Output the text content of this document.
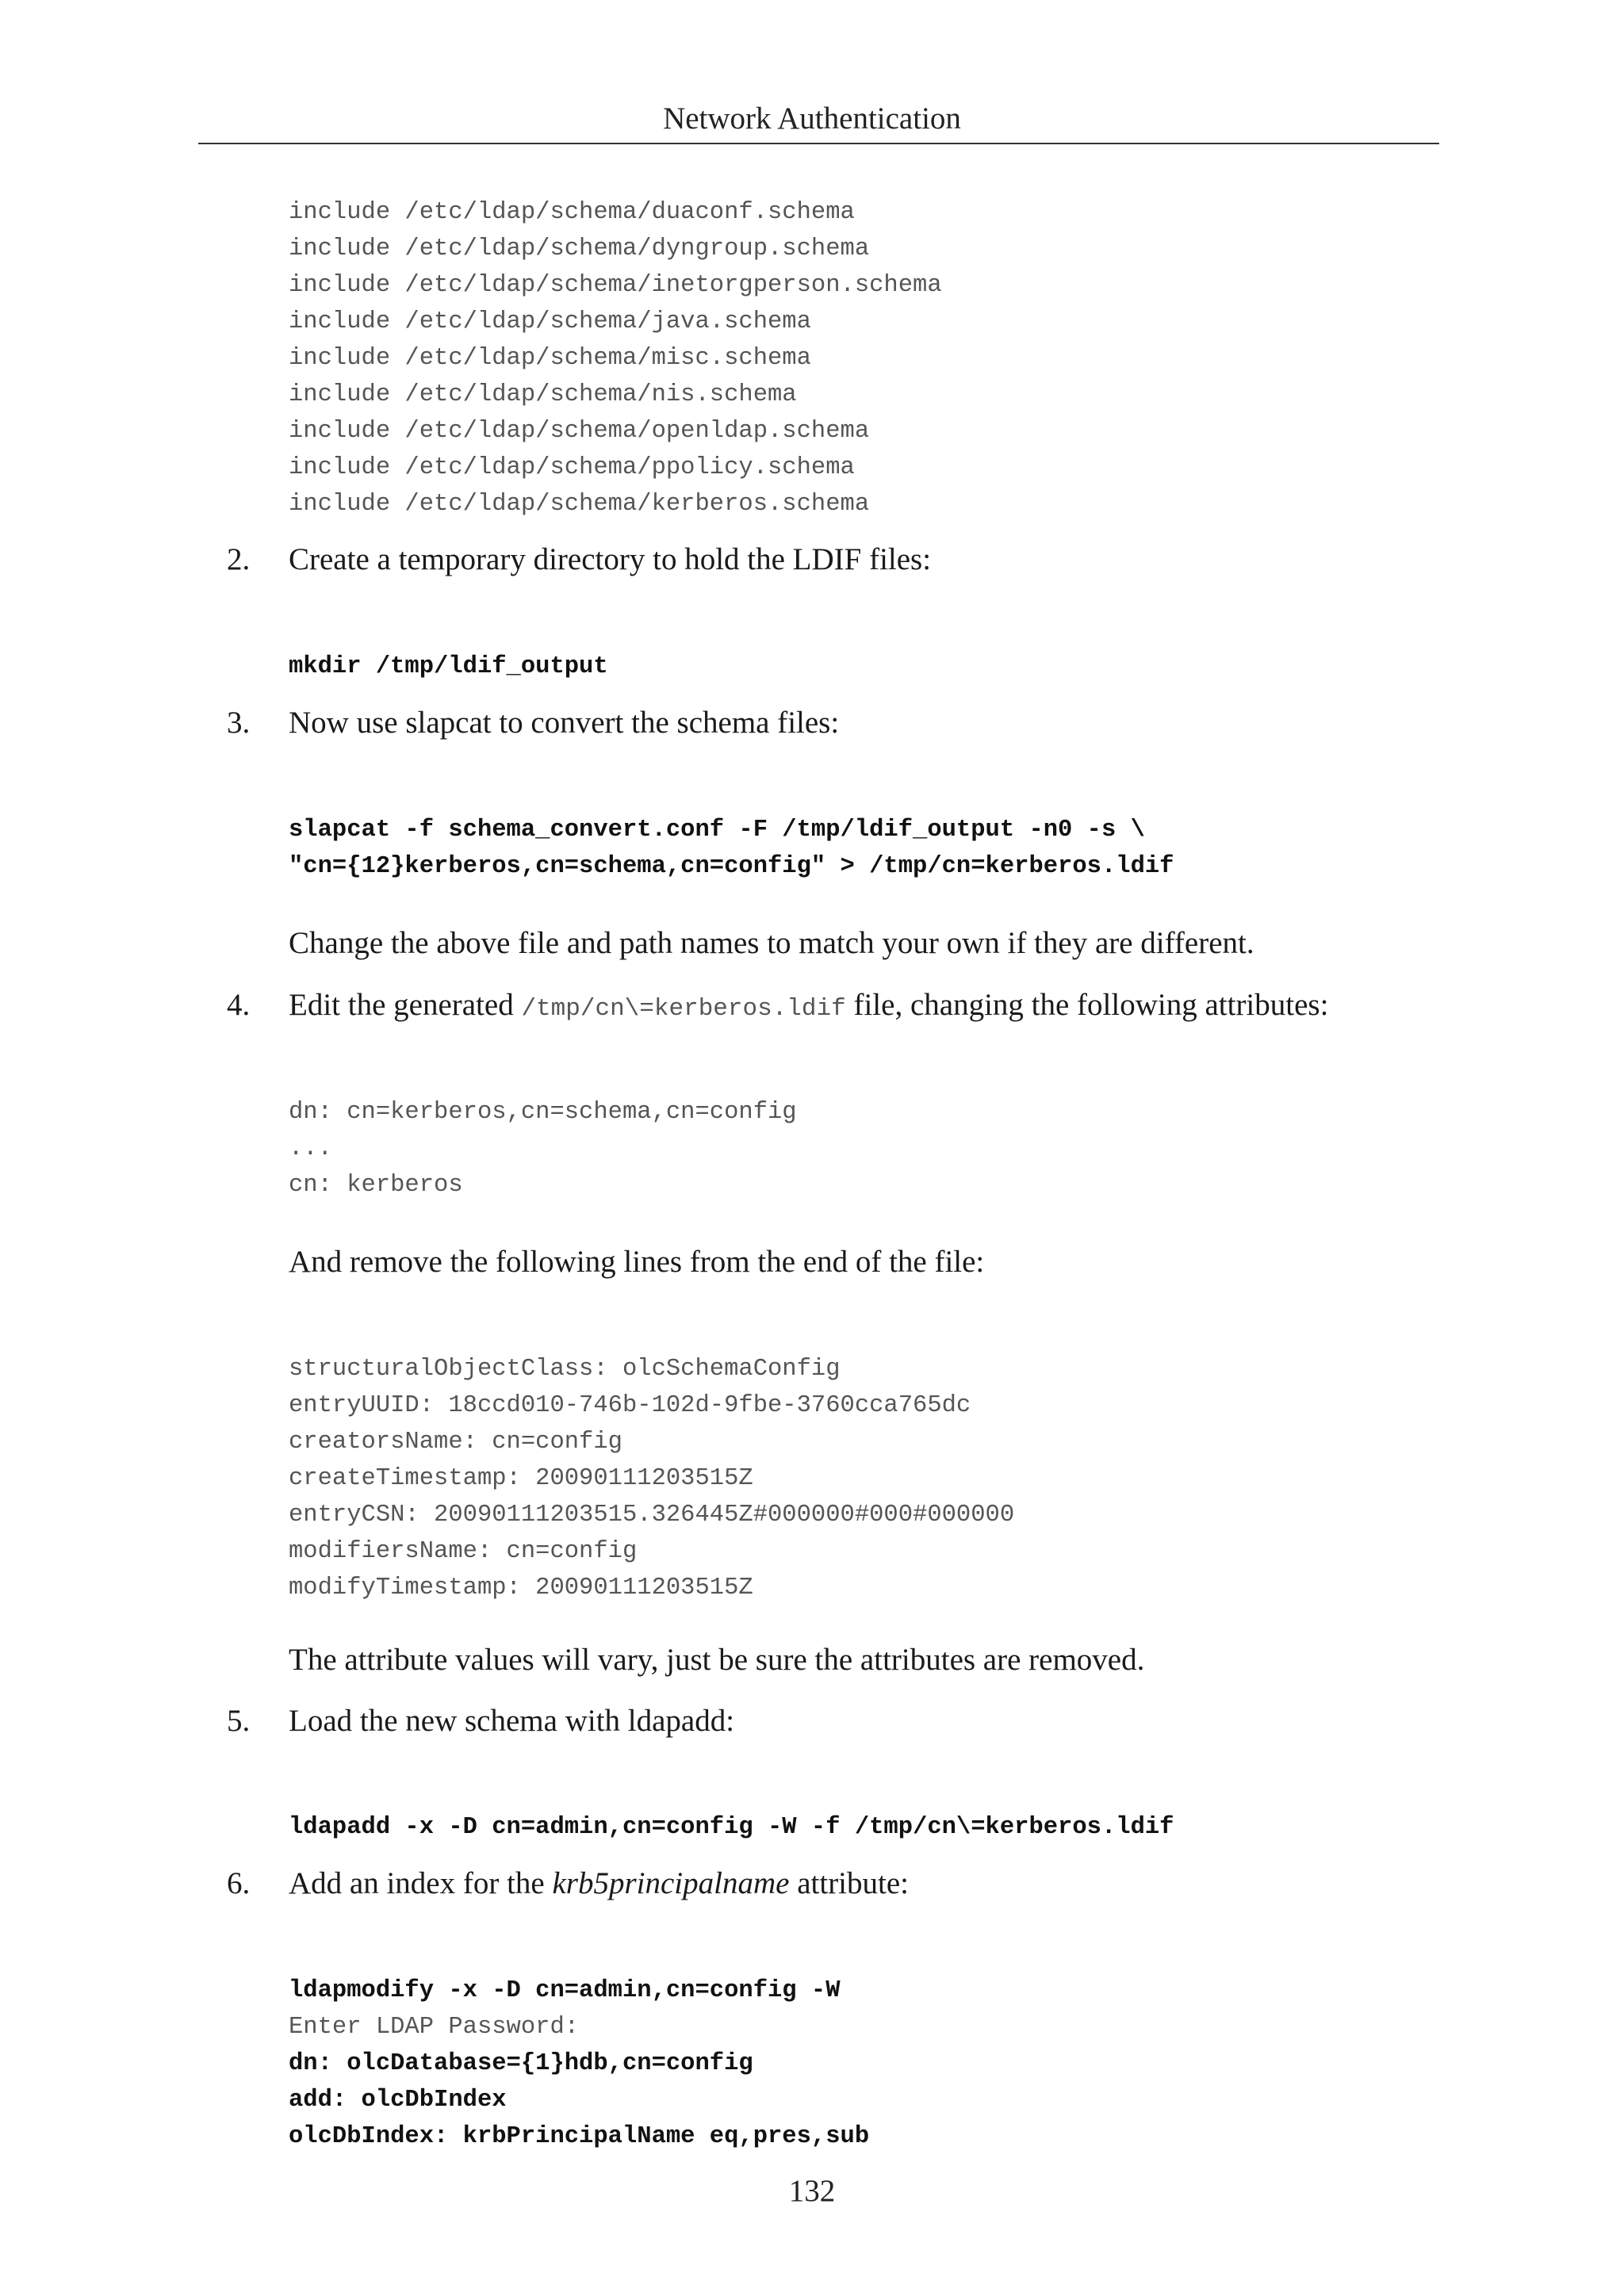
Network Authentication
include /etc/ldap/schema/duaconf.schema
include /etc/ldap/schema/dyngroup.schema
include /etc/ldap/schema/inetorgperson.schema
include /etc/ldap/schema/java.schema
include /etc/ldap/schema/misc.schema
include /etc/ldap/schema/nis.schema
include /etc/ldap/schema/openldap.schema
include /etc/ldap/schema/ppolicy.schema
include /etc/ldap/schema/kerberos.schema
2. Create a temporary directory to hold the LDIF files:
mkdir /tmp/ldif_output
3. Now use slapcat to convert the schema files:
slapcat -f schema_convert.conf -F /tmp/ldif_output -n0 -s \
"cn={12}kerberos,cn=schema,cn=config" > /tmp/cn=kerberos.ldif
Change the above file and path names to match your own if they are different.
4. Edit the generated /tmp/cn\=kerberos.ldif file, changing the following attributes:
dn: cn=kerberos,cn=schema,cn=config
...
cn: kerberos
And remove the following lines from the end of the file:
structuralObjectClass: olcSchemaConfig
entryUUID: 18ccd010-746b-102d-9fbe-3760cca765dc
creatorsName: cn=config
createTimestamp: 20090111203515Z
entryCSN: 20090111203515.326445Z#000000#000#000000
modifiersName: cn=config
modifyTimestamp: 20090111203515Z
The attribute values will vary, just be sure the attributes are removed.
5. Load the new schema with ldapadd:
ldapadd -x -D cn=admin,cn=config -W -f /tmp/cn\=kerberos.ldif
6. Add an index for the krb5principalname attribute:
ldapmodify -x -D cn=admin,cn=config -W
Enter LDAP Password:
dn: olcDatabase={1}hdb,cn=config
add: olcDbIndex
olcDbIndex: krbPrincipalName eq,pres,sub
132
